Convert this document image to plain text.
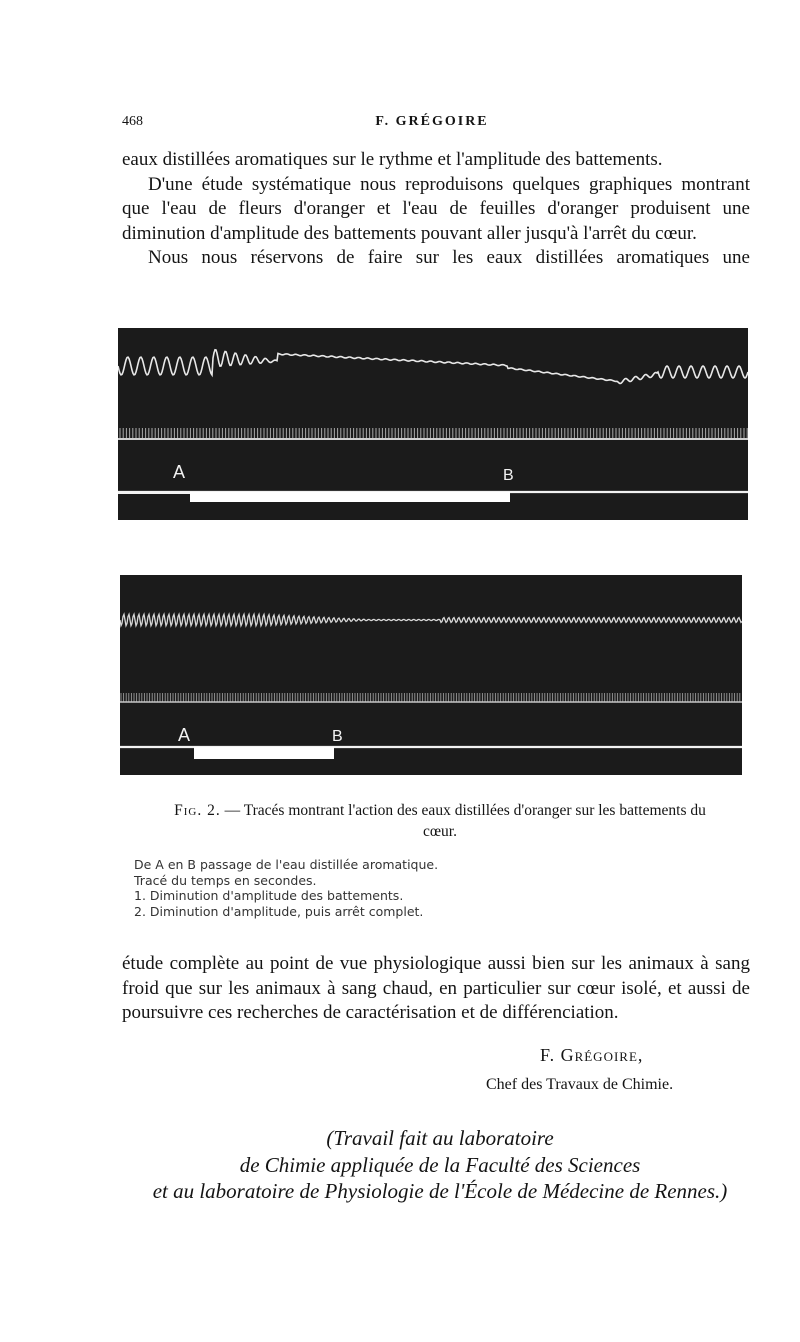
468	F. GRÉGOIRE

eaux distillées aromatiques sur le rythme et l'amplitude des battements.

D'une étude systématique nous reproduisons quelques graphiques montrant que l'eau de fleurs d'oranger et l'eau de feuilles d'oranger produisent une diminution d'amplitude des battements pouvant aller jusqu'à l'arrêt du cœur.

Nous nous réservons de faire sur les eaux distillées aromatiques une

A	B
A	B
Fig. 2. — Tracés montrant l'action des eaux distillées d'oranger sur les battements du cœur.
De A en B passage de l'eau distillée aromatique.
Tracé du temps en secondes.
1. Diminution d'amplitude des battements.
2. Diminution d'amplitude, puis arrêt complet.

étude complète au point de vue physiologique aussi bien sur les animaux à sang froid que sur les animaux à sang chaud, en particulier sur cœur isolé, et aussi de poursuivre ces recherches de caractérisation et de différenciation.

F. Grégoire,
Chef des Travaux de Chimie.
(Travail fait au laboratoire
de Chimie appliquée de la Faculté des Sciences
et au laboratoire de Physiologie de l'École de Médecine de Rennes.)
